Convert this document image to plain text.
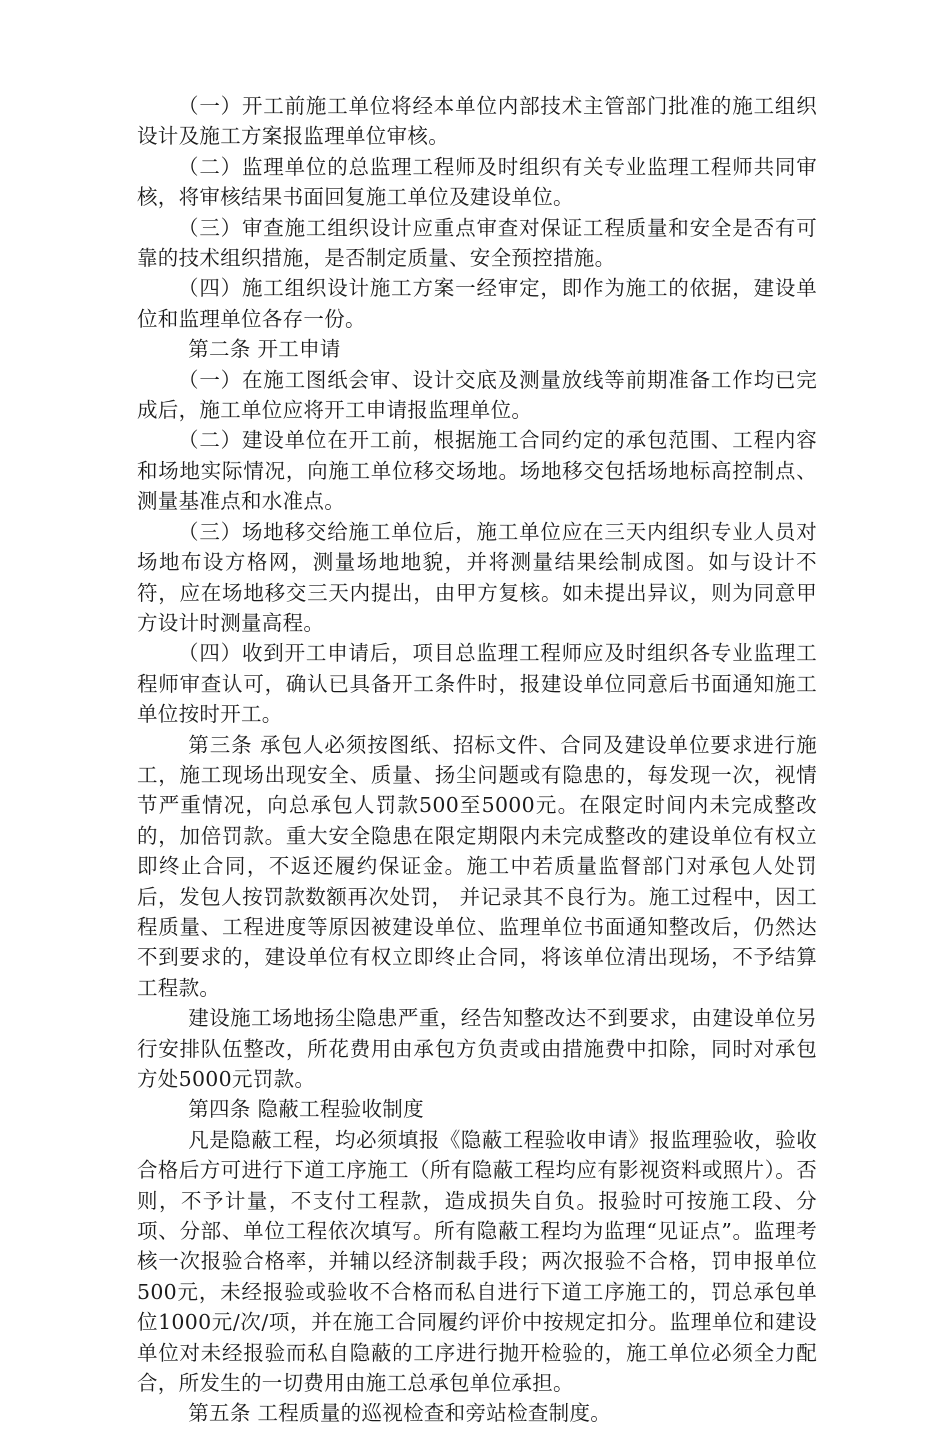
（一）开工前施工单位将经本单位内部技术主管部门批准的施工组织设计及施工方案报监理单位审核。

（二）监理单位的总监理工程师及时组织有关专业监理工程师共同审核，将审核结果书面回复施工单位及建设单位。

（三）审查施工组织设计应重点审查对保证工程质量和安全是否有可靠的技术组织措施，是否制定质量、安全预控措施。

（四）施工组织设计施工方案一经审定，即作为施工的依据，建设单位和监理单位各存一份。

第二条 开工申请

（一）在施工图纸会审、设计交底及测量放线等前期准备工作均已完成后，施工单位应将开工申请报监理单位。

（二）建设单位在开工前，根据施工合同约定的承包范围、工程内容和场地实际情况，向施工单位移交场地。场地移交包括场地标高控制点、测量基准点和水准点。

（三）场地移交给施工单位后，施工单位应在三天内组织专业人员对场地布设方格网，测量场地地貌，并将测量结果绘制成图。如与设计不符，应在场地移交三天内提出，由甲方复核。如未提出异议，则为同意甲方设计时测量高程。

（四）收到开工申请后，项目总监理工程师应及时组织各专业监理工程师审查认可，确认已具备开工条件时，报建设单位同意后书面通知施工单位按时开工。

第三条 承包人必须按图纸、招标文件、合同及建设单位要求进行施工，施工现场出现安全、质量、扬尘问题或有隐患的，每发现一次，视情节严重情况，向总承包人罚款500至5000元。在限定时间内未完成整改的，加倍罚款。重大安全隐患在限定期限内未完成整改的建设单位有权立即终止合同，不返还履约保证金。施工中若质量监督部门对承包人处罚后，发包人按罚款数额再次处罚， 并记录其不良行为。施工过程中，因工程质量、工程进度等原因被建设单位、监理单位书面通知整改后，仍然达不到要求的，建设单位有权立即终止合同，将该单位清出现场，不予结算工程款。

建设施工场地扬尘隐患严重，经告知整改达不到要求，由建设单位另行安排队伍整改，所花费用由承包方负责或由措施费中扣除，同时对承包方处5000元罚款。

第四条 隐蔽工程验收制度

凡是隐蔽工程，均必须填报《隐蔽工程验收申请》报监理验收，验收合格后方可进行下道工序施工（所有隐蔽工程均应有影视资料或照片）。否则，不予计量，不支付工程款，造成损失自负。报验时可按施工段、分项、分部、单位工程依次填写。所有隐蔽工程均为监理“见证点”。监理考核一次报验合格率，并辅以经济制裁手段；两次报验不合格，罚申报单位500元，未经报验或验收不合格而私自进行下道工序施工的，罚总承包单位1000元/次/项，并在施工合同履约评价中按规定扣分。监理单位和建设单位对未经报验而私自隐蔽的工序进行抛开检验的，施工单位必须全力配合，所发生的一切费用由施工总承包单位承担。

第五条 工程质量的巡视检查和旁站检查制度。
